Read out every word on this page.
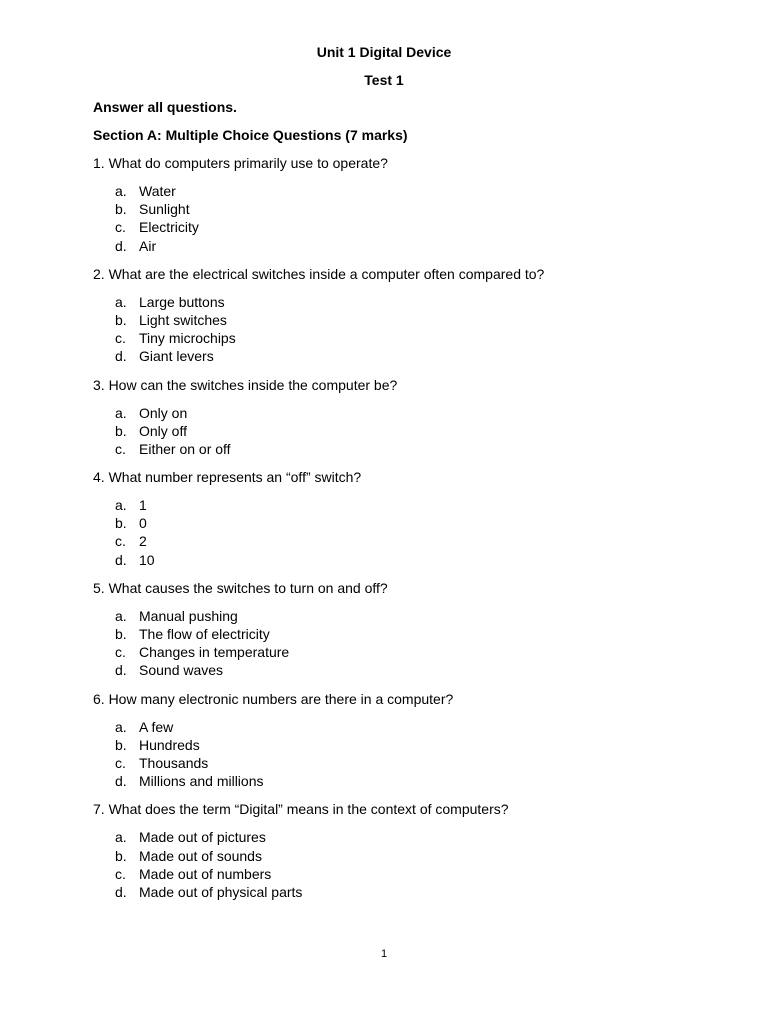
Unit 1 Digital Device
Test 1
Answer all questions.
Section A: Multiple Choice Questions (7 marks)
1. What do computers primarily use to operate?
a. Water
b. Sunlight
c. Electricity
d. Air
2. What are the electrical switches inside a computer often compared to?
a. Large buttons
b. Light switches
c. Tiny microchips
d. Giant levers
3. How can the switches inside the computer be?
a. Only on
b. Only off
c. Either on or off
4. What number represents an “off” switch?
a. 1
b. 0
c. 2
d. 10
5. What causes the switches to turn on and off?
a. Manual pushing
b. The flow of electricity
c. Changes in temperature
d. Sound waves
6. How many electronic numbers are there in a computer?
a. A few
b. Hundreds
c. Thousands
d. Millions and millions
7. What does the term “Digital” means in the context of computers?
a. Made out of pictures
b. Made out of sounds
c. Made out of numbers
d. Made out of physical parts
1
